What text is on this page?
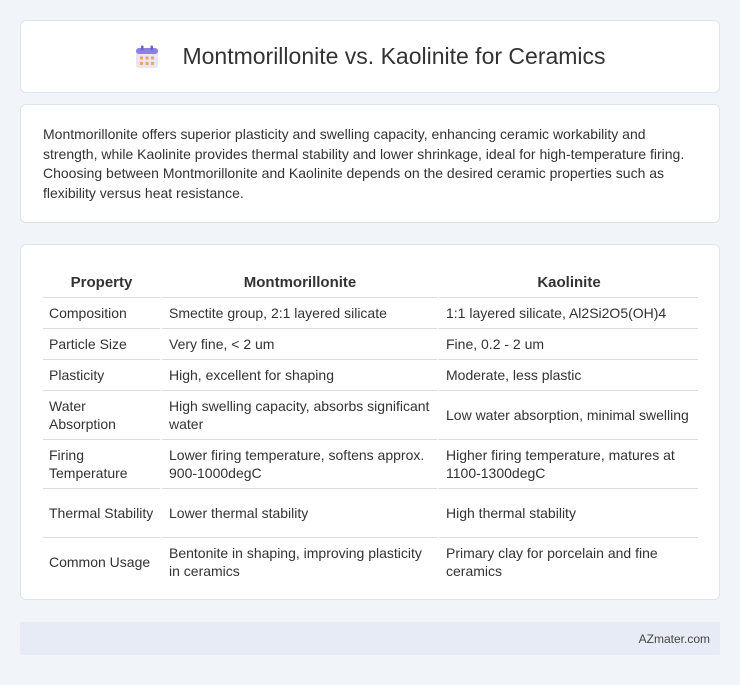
Montmorillonite vs. Kaolinite for Ceramics

Montmorillonite offers superior plasticity and swelling capacity, enhancing ceramic workability and strength, while Kaolinite provides thermal stability and lower shrinkage, ideal for high-temperature firing. Choosing between Montmorillonite and Kaolinite depends on the desired ceramic properties such as flexibility versus heat resistance.

Property	Montmorillonite	Kaolinite
Composition	Smectite group, 2:1 layered silicate	1:1 layered silicate, Al2Si2O5(OH)4
Particle Size	Very fine, < 2 um	Fine, 0.2 - 2 um
Plasticity	High, excellent for shaping	Moderate, less plastic
Water Absorption	High swelling capacity, absorbs significant water	Low water absorption, minimal swelling
Firing Temperature	Lower firing temperature, softens approx. 900-1000degC	Higher firing temperature, matures at 1100-1300degC
Thermal Stability	Lower thermal stability	High thermal stability
Common Usage	Bentonite in shaping, improving plasticity in ceramics	Primary clay for porcelain and fine ceramics
AZmater.com
